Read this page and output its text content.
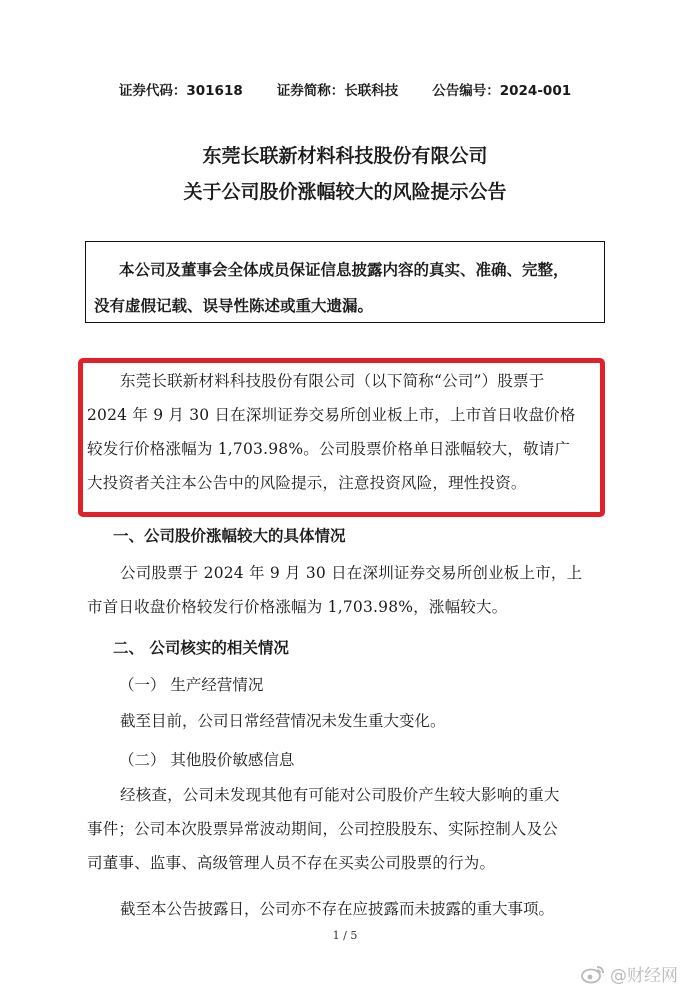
证券代码：301618	证券简称：长联科技	公告编号：2024-001
东莞长联新材料科技股份有限公司
关于公司股价涨幅较大的风险提示公告

本公司及董事会全体成员保证信息披露内容的真实、准确、完整，
没有虚假记载、误导性陈述或重大遗漏。

东莞长联新材料科技股份有限公司（以下简称“公司”）股票于
2024 年 9 月 30 日在深圳证券交易所创业板上市，上市首日收盘价格
较发行价格涨幅为 1,703.98%。公司股票价格单日涨幅较大，敬请广
大投资者关注本公告中的风险提示，注意投资风险，理性投资。
一、公司股价涨幅较大的具体情况
公司股票于 2024 年 9 月 30 日在深圳证券交易所创业板上市，上
市首日收盘价格较发行价格涨幅为 1,703.98%，涨幅较大。
二、 公司核实的相关情况
（一） 生产经营情况
截至目前，公司日常经营情况未发生重大变化。
（二） 其他股价敏感信息
经核查，公司未发现其他有可能对公司股价产生较大影响的重大
事件；公司本次股票异常波动期间，公司控股股东、实际控制人及公
司董事、监事、高级管理人员不存在买卖公司股票的行为。
截至本公告披露日，公司亦不存在应披露而未披露的重大事项。
1 / 5
@财经网
